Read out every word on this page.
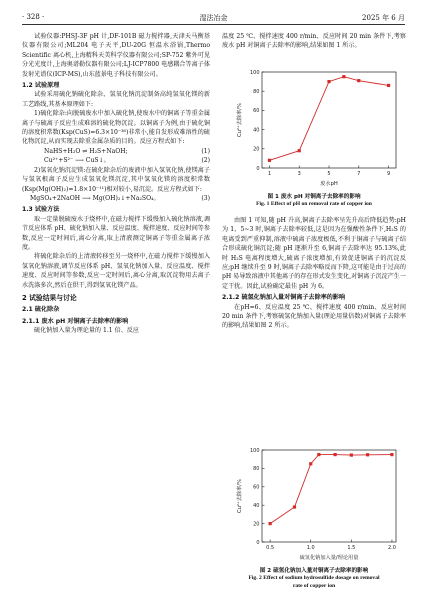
· 328 ·	湿法冶金	2025 年 6 月

试验仪器:PHSJ-3F pH 计,DF-101B 磁力搅拌器,天津天马衡基仪器有限公司;ML204 电子天平,DU-20G 恒温水浴锅,Thermo Scientific 离心机,上海精科天美科学仪器有限公司;SP-752 紫外可见分光光度计,上海奥谱勒仪器有限公司;LJ-ICP7800 电感耦合等离子体发射光谱仪(ICP-MS),山东蓝景电子科技有限公司。

1.2 试验原理

试验采用硫化钠硫化除杂、氢氧化钠沉淀制备高纯氢氧化镁的新工艺路线,其基本原理如下:

1)硫化除杂:向脱硫废水中加入硫化钠,使废水中的铜离子等重金属离子与硫离子反应生成难溶的硫化物沉淀。以铜离子为例,由于硫化铜的溶度积常数(Ksp(CuS)=6.3×10⁻³⁶)非常小,能自发形成难溶性的硫化物沉淀,从而实现去除重金属杂质的目的。反应方程式如下:

NaHS+H₂O ⇌ H₂S+NaOH;	(1)

Cu²⁺+S²⁻ ⟶ CuS↓。	(2)

2)氢氧化钠沉淀镁:在硫化除杂后的废液中加入氢氧化钠,使镁离子与氢氧根离子反应生成氢氧化镁沉淀,其中氢氧化镁的溶度积常数(Ksp(Mg(OH)₂)=1.8×10⁻¹¹)相对较小,易沉淀。反应方程式如下:

MgSO₄+2NaOH ⟶ Mg(OH)₂↓+Na₂SO₄。	(3)

1.3 试验方法

取一定量脱硫废水于烧杯中,在磁力搅拌下缓慢加入硫化钠溶液,调节反应体系 pH、硫化钠加入量、反应温度、搅拌速度、反应时间等参数,反应一定时间后,离心分离,取上清液测定铜离子等重金属离子浓度。

将硫化除杂后的上清液转移至另一烧杯中,在磁力搅拌下缓慢加入氢氧化钠溶液,调节反应体系 pH、氢氧化钠加入量、反应温度、搅拌速度、反应时间等参数,反应一定时间后,离心分离,取沉淀物用去离子水洗涤多次,然后在烘干,得到氢氧化镁产品。

2 试验结果与讨论

2.1 硫化除杂

2.1.1 废水 pH 对铜离子去除率的影响

硫化钠加入量为理论量的 1.1 倍、反应

温度 25 ℃、搅拌速度 400 r/min、反应时间 20 min 条件下,考察废水 pH 对铜离子去除率的影响,结果如图 1 所示。

0
20
40
60
80
100
1	3	5	7	9
废水pH
Cu²⁺去除率/%
图 1 废水 pH 对铜离子去除率的影响
Fig. 1 Effect of pH on removal rate of copper ion

由图 1 可知,随 pH 升高,铜离子去除率呈先升高后降低趋势:pH 为 1、5~3 时,铜离子去除率较低,这是因为在强酸性条件下,H₂S 的电离受到严重抑制,溶液中硫离子浓度极低,不利于铜离子与硫离子结合形成硫化铜沉淀;随 pH 逐渐升至 6,铜离子去除率达 95.13%,此时 H₂S 电离程度增大,硫离子浓度增加,有效促进铜离子的沉淀反应;pH 继续升至 9 时,铜离子去除率略反而下降,这可能是由于过高的 pH 易导致溶液中其他离子的存在形式发生变化,对铜离子沉淀产生一定干扰。因此,试验确定最佳 pH 为 6。

2.1.2 硫氢化钠加入量对铜离子去除率的影响

在pH=6、反应温度 25 ℃、搅拌速度 400 r/min、反应时间 20 min 条件下,考察硫氢化钠加入量(理论用量倍数)对铜离子去除率的影响,结果如图 2 所示。

0
20
40
60
80
100
0.5	1.0	1.5	2.0
硫氢化钠加入量/理论用量
Cu²⁺去除率/%
图 2 硫氢化钠加入量对铜离子去除率的影响
Fig. 2 Effect of sodium hydrosulfide dosage on removal
rate of copper ion
